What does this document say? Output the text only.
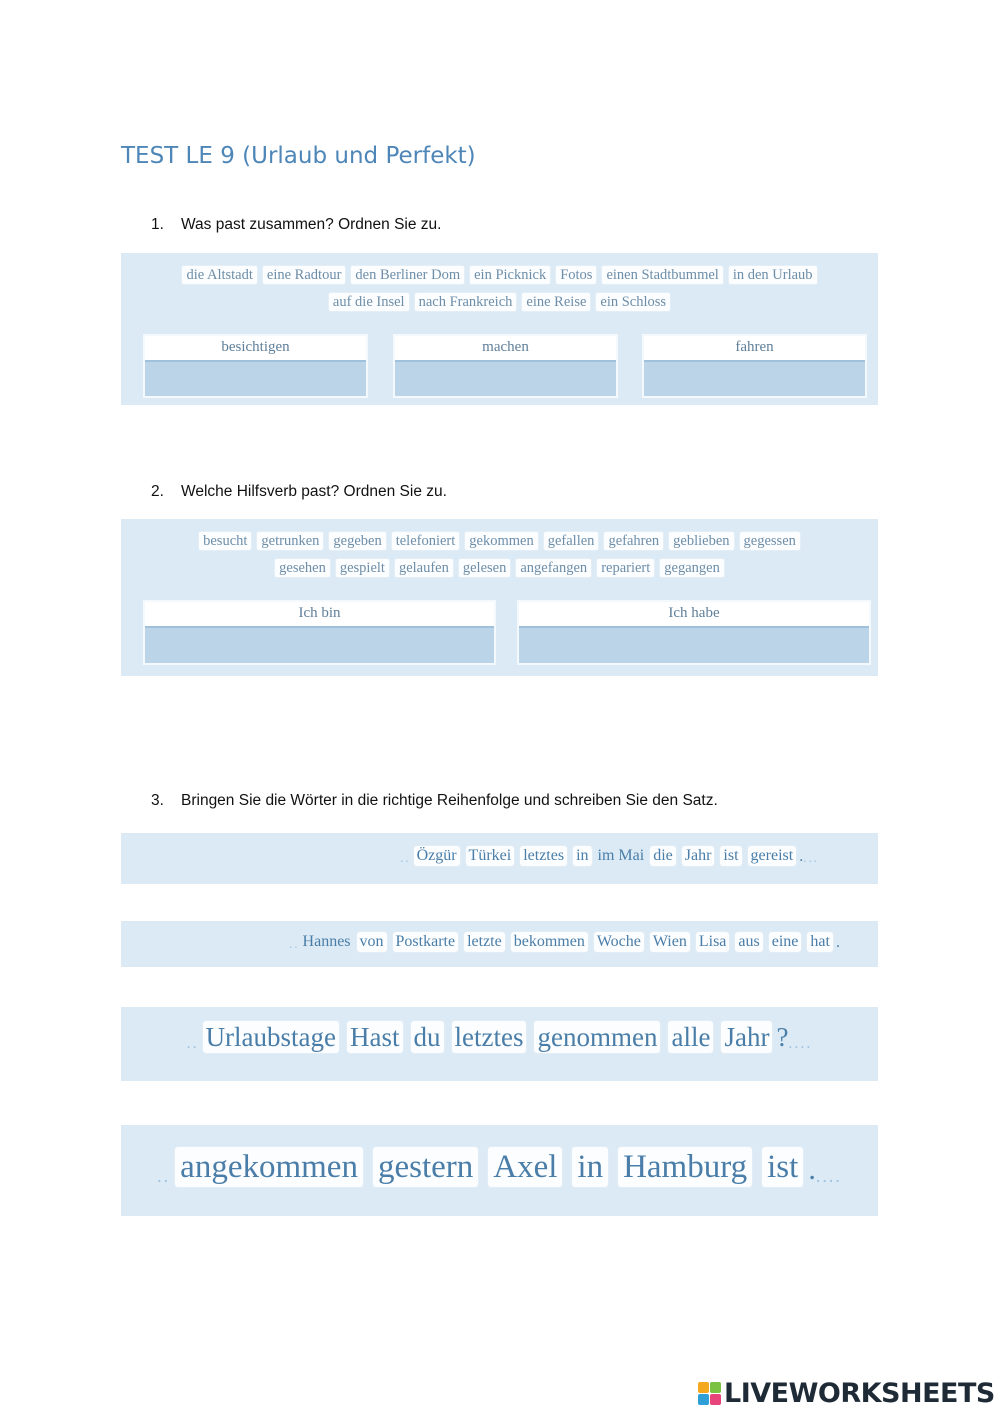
TEST LE 9 (Urlaub und Perfekt)
1. Was past zusammen? Ordnen Sie zu.
die Altstadt eine Radtour den Berliner Dom ein Picknick Fotos einen Stadtbummel in den Urlaub
auf die Insel nach Frankreich eine Reise ein Schloss
besichtigen	machen	fahren
2. Welche Hilfsverb past? Ordnen Sie zu.
besucht getrunken gegeben telefoniert gekommen gefallen gefahren geblieben gegessen
gesehen gespielt gelaufen gelesen angefangen repariert gegangen
Ich bin	Ich habe
3. Bringen Sie die Wörter in die richtige Reihenfolge und schreiben Sie den Satz.
.. Özgür Türkei letztes in im Mai die Jahr ist gereist . ...
.. Hannes von Postkarte letzte bekommen Woche Wien Lisa aus eine hat .
.. Urlaubstage Hast du letztes genommen alle Jahr ? ....
.. angekommen gestern Axel in Hamburg ist . ....
LIVEWORKSHEETS
